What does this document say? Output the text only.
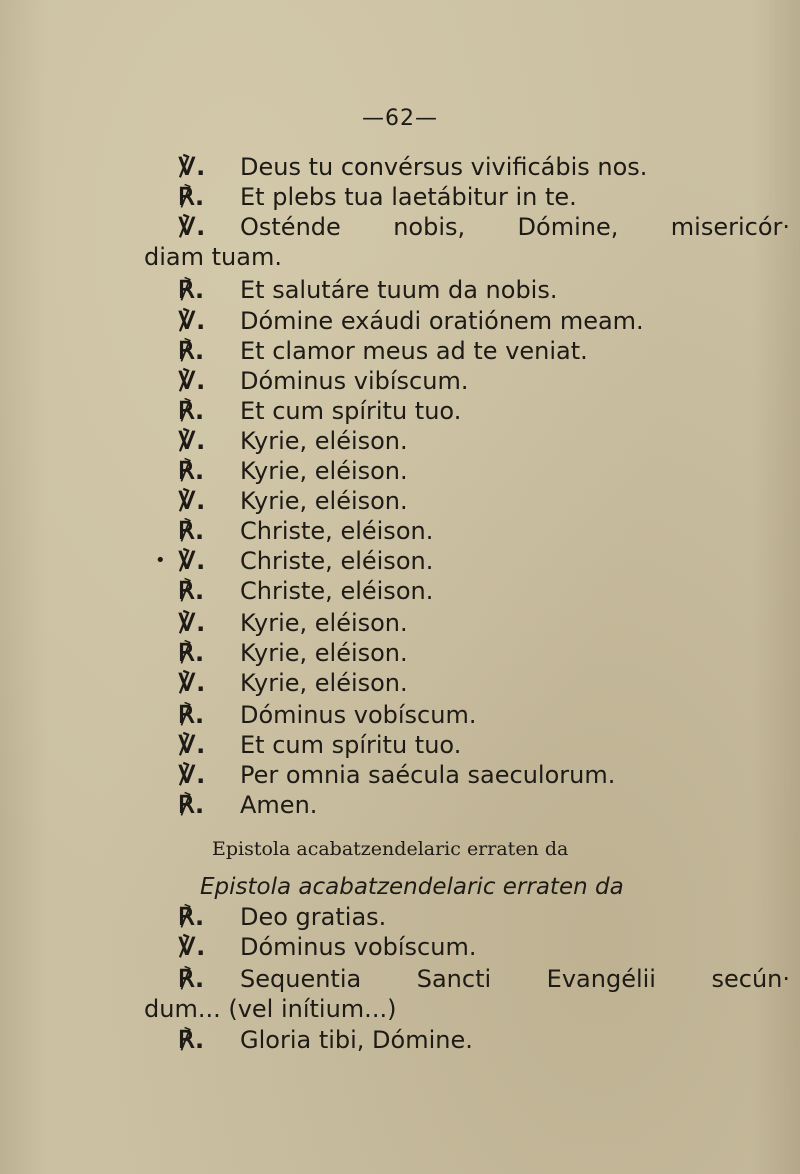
—62—
℣.	Deus tu convérsus vivificábis nos.
℟.	Et plebs tua laetábitur in te.
℣.	Osténde nobis, Dómine, misericór·
diam tuam.
℟.	Et salutáre tuum da nobis.
℣.	Dómine exáudi oratiónem meam.
℟.	Et clamor meus ad te veniat.
℣.	Dóminus vibíscum.
℟.	Et cum spíritu tuo.
℣.	Kyrie, eléison.
℟.	Kyrie, eléison.
℣.	Kyrie, eléison.
℟.	Christe, eléison.
• ℣.	Christe, eléison.
℟.	Christe, eléison.
℣.	Kyrie, eléison.
℟.	Kyrie, eléison.
℣.	Kyrie, eléison.
℟.	Dóminus vobíscum.
℣.	Et cum spíritu tuo.
℣.	Per omnia saécula saeculorum.
℟.	Amen.
Epistola acabatzendelaric erraten da
Epistola acabatzendelaric erraten da
℟.	Deo gratias.
℣.	Dóminus vobíscum.
℟.	Sequentia Sancti Evangélii secún·
dum... (vel inítium...)
℟.	Gloria tibi, Dómine.
